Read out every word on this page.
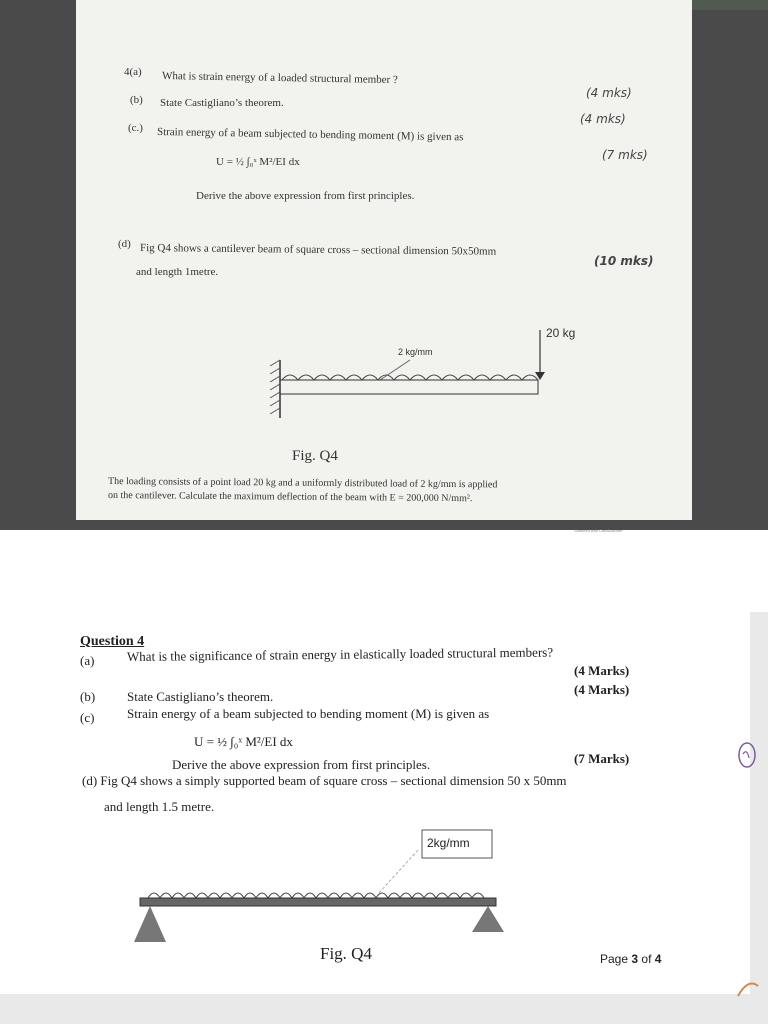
4(a) What is strain energy of a loaded structural member ?
(b) State Castigliano’s theorem.
(c.) Strain energy of a beam subjected to bending moment (M) is given as
U = ½ ∫₀ˣ M²/EI dx
Derive the above expression from first principles.
(d) Fig Q4 shows a cantilever beam of square cross – sectional dimension 50x50mm
and length 1metre.
(4 mks)
(4 mks)
(7 mks)
(10 mks)
20 kg
2 kg/mm
Fig. Q4
The loading consists of a point load 20 kg and a uniformly distributed load of 2 kg/mm is applied
on the cantilever. Calculate the maximum deflection of the beam with E = 200,000 N/mm².
Scanned with CamScanner
Question 4
(a) What is the significance of strain energy in elastically loaded structural members?
(4 Marks)
(4 Marks)
(b) State Castigliano’s theorem.
(c)	Strain energy of a beam subjected to bending moment (M) is given as
U = ½ ∫₀ˣ M²/EI dx
Derive the above expression from first principles.	(7 Marks)
(d) Fig Q4 shows a simply supported beam of square cross – sectional dimension 50 x 50mm
and length 1.5 metre.
2kg/mm
Fig. Q4	Page 3 of 4
